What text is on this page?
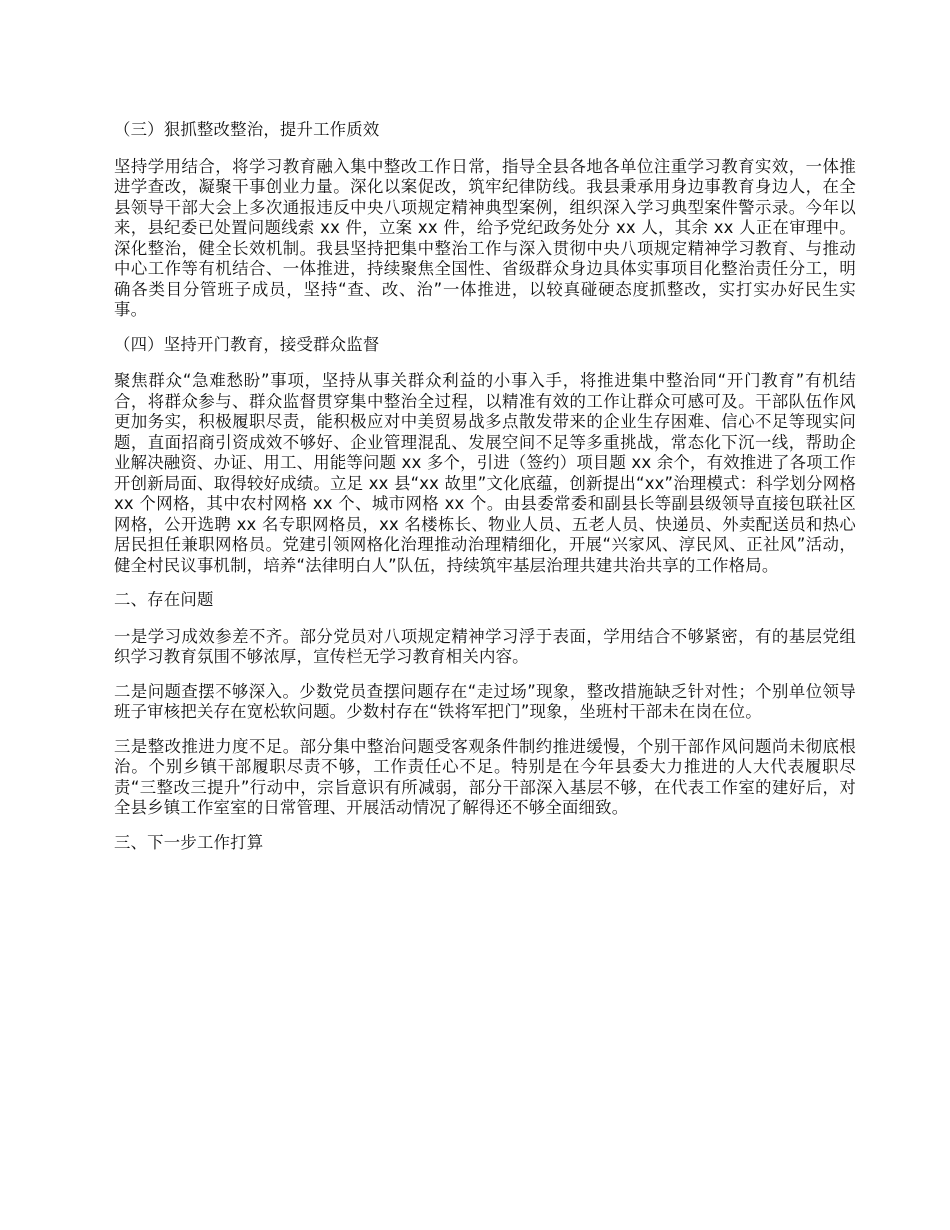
（三）狠抓整改整治，提升工作质效

坚持学用结合，将学习教育融入集中整改工作日常，指导全县各地各单位注重学习教育实效，一体推进学查改，凝聚干事创业力量。深化以案促改，筑牢纪律防线。我县秉承用身边事教育身边人，在全县领导干部大会上多次通报违反中央八项规定精神典型案例，组织深入学习典型案件警示录。今年以来，县纪委已处置问题线索 xx 件，立案 xx 件，给予党纪政务处分 xx 人，其余 xx 人正在审理中。深化整治，健全长效机制。我县坚持把集中整治工作与深入贯彻中央八项规定精神学习教育、与推动中心工作等有机结合、一体推进，持续聚焦全国性、省级群众身边具体实事项目化整治责任分工，明确各类目分管班子成员，坚持“查、改、治”一体推进，以较真碰硬态度抓整改，实打实办好民生实事。

（四）坚持开门教育，接受群众监督

聚焦群众“急难愁盼”事项，坚持从事关群众利益的小事入手，将推进集中整治同“开门教育”有机结合，将群众参与、群众监督贯穿集中整治全过程，以精准有效的工作让群众可感可及。干部队伍作风更加务实，积极履职尽责，能积极应对中美贸易战多点散发带来的企业生存困难、信心不足等现实问题，直面招商引资成效不够好、企业管理混乱、发展空间不足等多重挑战，常态化下沉一线，帮助企业解决融资、办证、用工、用能等问题 xx 多个，引进（签约）项目题 xx 余个，有效推进了各项工作开创新局面、取得较好成绩。立足 xx 县“xx 故里”文化底蕴，创新提出“xx”治理模式：科学划分网格 xx 个网格，其中农村网格 xx 个、城市网格 xx 个。由县委常委和副县长等副县级领导直接包联社区网格，公开选聘 xx 名专职网格员，xx 名楼栋长、物业人员、五老人员、快递员、外卖配送员和热心居民担任兼职网格员。党建引领网格化治理推动治理精细化，开展“兴家风、淳民风、正社风”活动，健全村民议事机制，培养“法律明白人”队伍，持续筑牢基层治理共建共治共享的工作格局。

二、存在问题

一是学习成效参差不齐。部分党员对八项规定精神学习浮于表面，学用结合不够紧密，有的基层党组织学习教育氛围不够浓厚，宣传栏无学习教育相关内容。

二是问题查摆不够深入。少数党员查摆问题存在“走过场”现象，整改措施缺乏针对性；个别单位领导班子审核把关存在宽松软问题。少数村存在“铁将军把门”现象，坐班村干部未在岗在位。

三是整改推进力度不足。部分集中整治问题受客观条件制约推进缓慢，个别干部作风问题尚未彻底根治。个别乡镇干部履职尽责不够，工作责任心不足。特别是在今年县委大力推进的人大代表履职尽责“三整改三提升”行动中，宗旨意识有所减弱，部分干部深入基层不够，在代表工作室的建好后，对全县乡镇工作室室的日常管理、开展活动情况了解得还不够全面细致。

三、下一步工作打算
